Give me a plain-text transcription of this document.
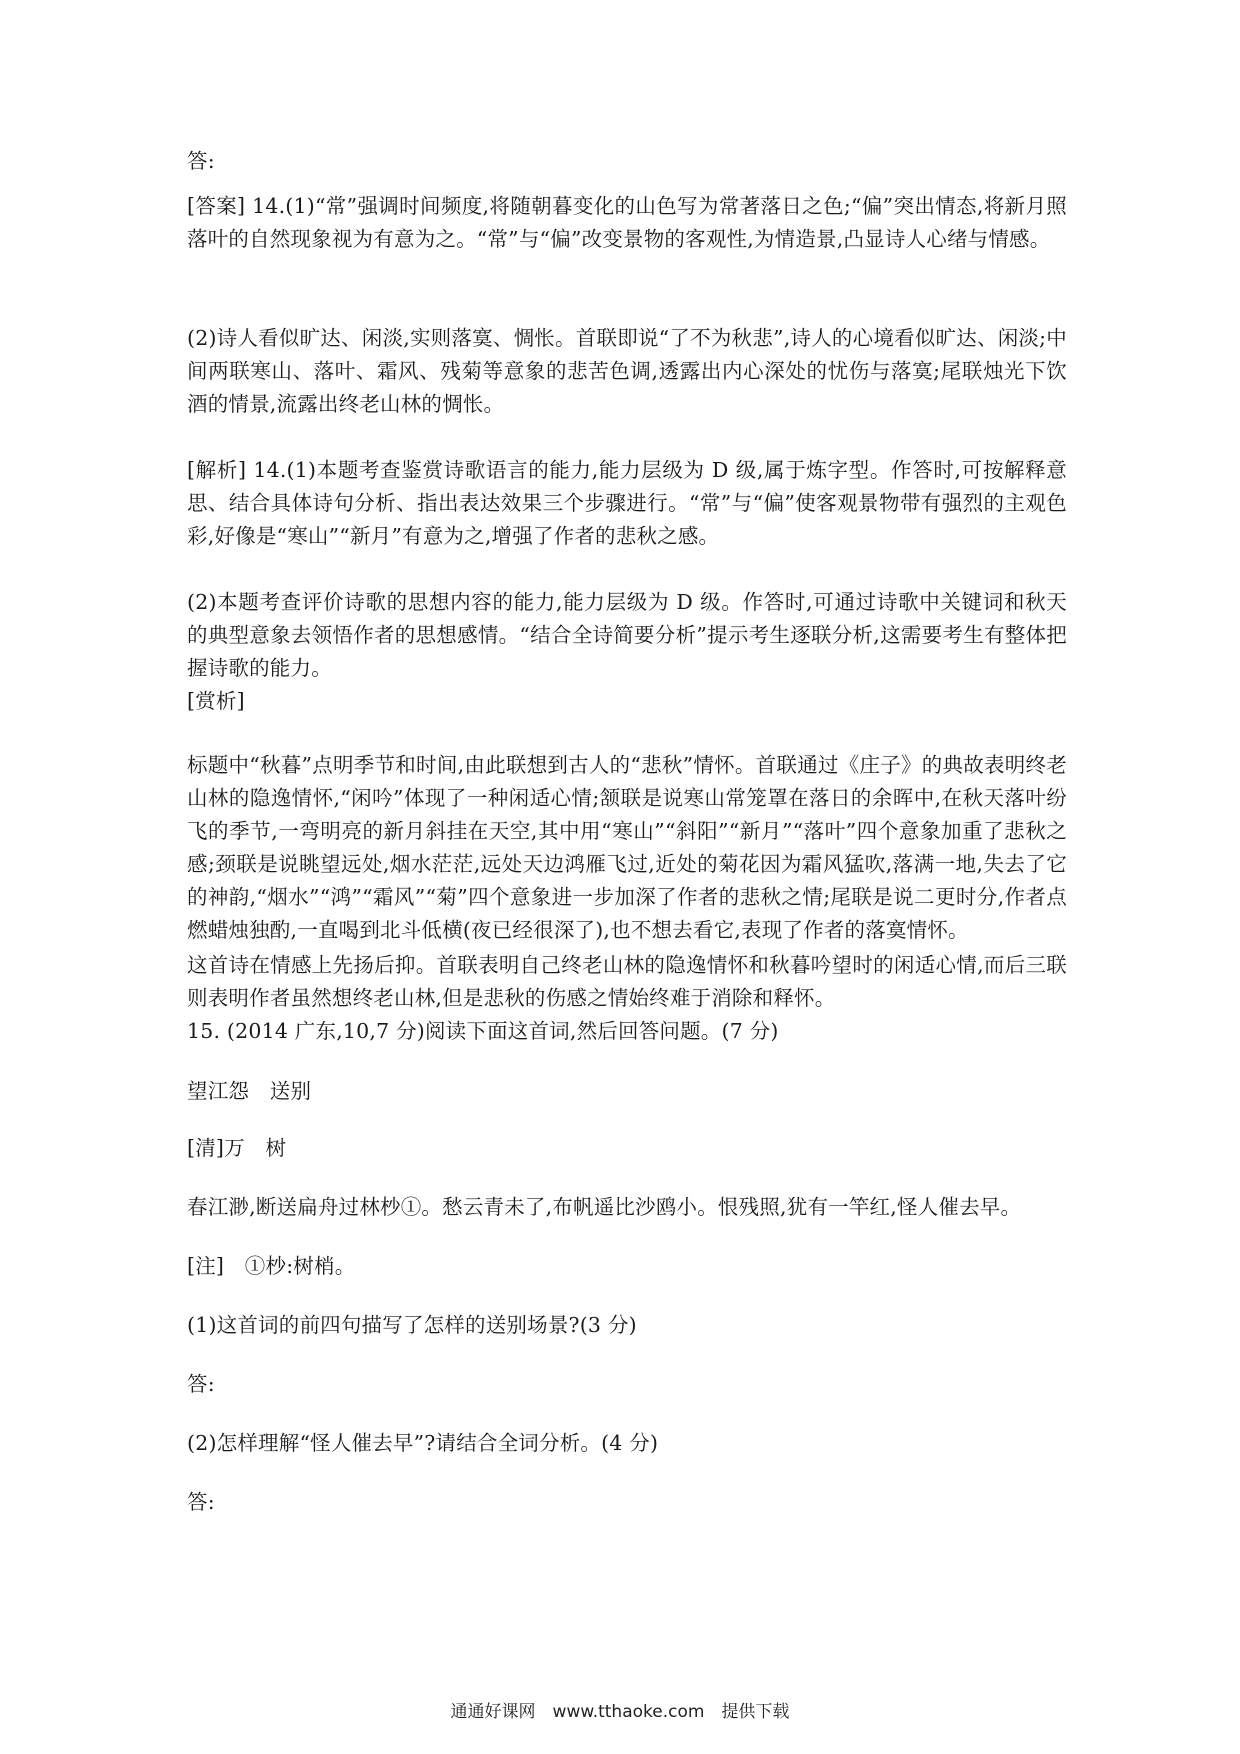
答:

[答案] 14.(1)“常”强调时间频度,将随朝暮变化的山色写为常著落日之色;“偏”突出情态,将新月照落叶的自然现象视为有意为之。“常”与“偏”改变景物的客观性,为情造景,凸显诗人心绪与情感。

(2)诗人看似旷达、闲淡,实则落寞、惆怅。首联即说“了不为秋悲”,诗人的心境看似旷达、闲淡;中间两联寒山、落叶、霜风、残菊等意象的悲苦色调,透露出内心深处的忧伤与落寞;尾联烛光下饮酒的情景,流露出终老山林的惆怅。

[解析] 14.(1)本题考查鉴赏诗歌语言的能力,能力层级为 D 级,属于炼字型。作答时,可按解释意思、结合具体诗句分析、指出表达效果三个步骤进行。“常”与“偏”使客观景物带有强烈的主观色彩,好像是“寒山”“新月”有意为之,增强了作者的悲秋之感。

(2)本题考查评价诗歌的思想内容的能力,能力层级为 D 级。作答时,可通过诗歌中关键词和秋天的典型意象去领悟作者的思想感情。“结合全诗简要分析”提示考生逐联分析,这需要考生有整体把握诗歌的能力。

[赏析]

标题中“秋暮”点明季节和时间,由此联想到古人的“悲秋”情怀。首联通过《庄子》的典故表明终老山林的隐逸情怀,“闲吟”体现了一种闲适心情;颔联是说寒山常笼罩在落日的余晖中,在秋天落叶纷飞的季节,一弯明亮的新月斜挂在天空,其中用“寒山”“斜阳”“新月”“落叶”四个意象加重了悲秋之感;颈联是说眺望远处,烟水茫茫,远处天边鸿雁飞过,近处的菊花因为霜风猛吹,落满一地,失去了它的神韵,“烟水”“鸿”“霜风”“菊”四个意象进一步加深了作者的悲秋之情;尾联是说二更时分,作者点燃蜡烛独酌,一直喝到北斗低横(夜已经很深了),也不想去看它,表现了作者的落寞情怀。

这首诗在情感上先扬后抑。首联表明自己终老山林的隐逸情怀和秋暮吟望时的闲适心情,而后三联则表明作者虽然想终老山林,但是悲秋的伤感之情始终难于消除和释怀。

15. (2014 广东,10,7 分)阅读下面这首词,然后回答问题。(7 分)

望江怨　送别

[清]万　树

春江渺,断送扁舟过林杪①。愁云青未了,布帆遥比沙鸥小。恨残照,犹有一竿红,怪人催去早。

[注]　①杪:树梢。

(1)这首词的前四句描写了怎样的送别场景?(3 分)

答:

(2)怎样理解“怪人催去早”?请结合全词分析。(4 分)

答:

通通好课网　www.tthaoke.com　提供下载
